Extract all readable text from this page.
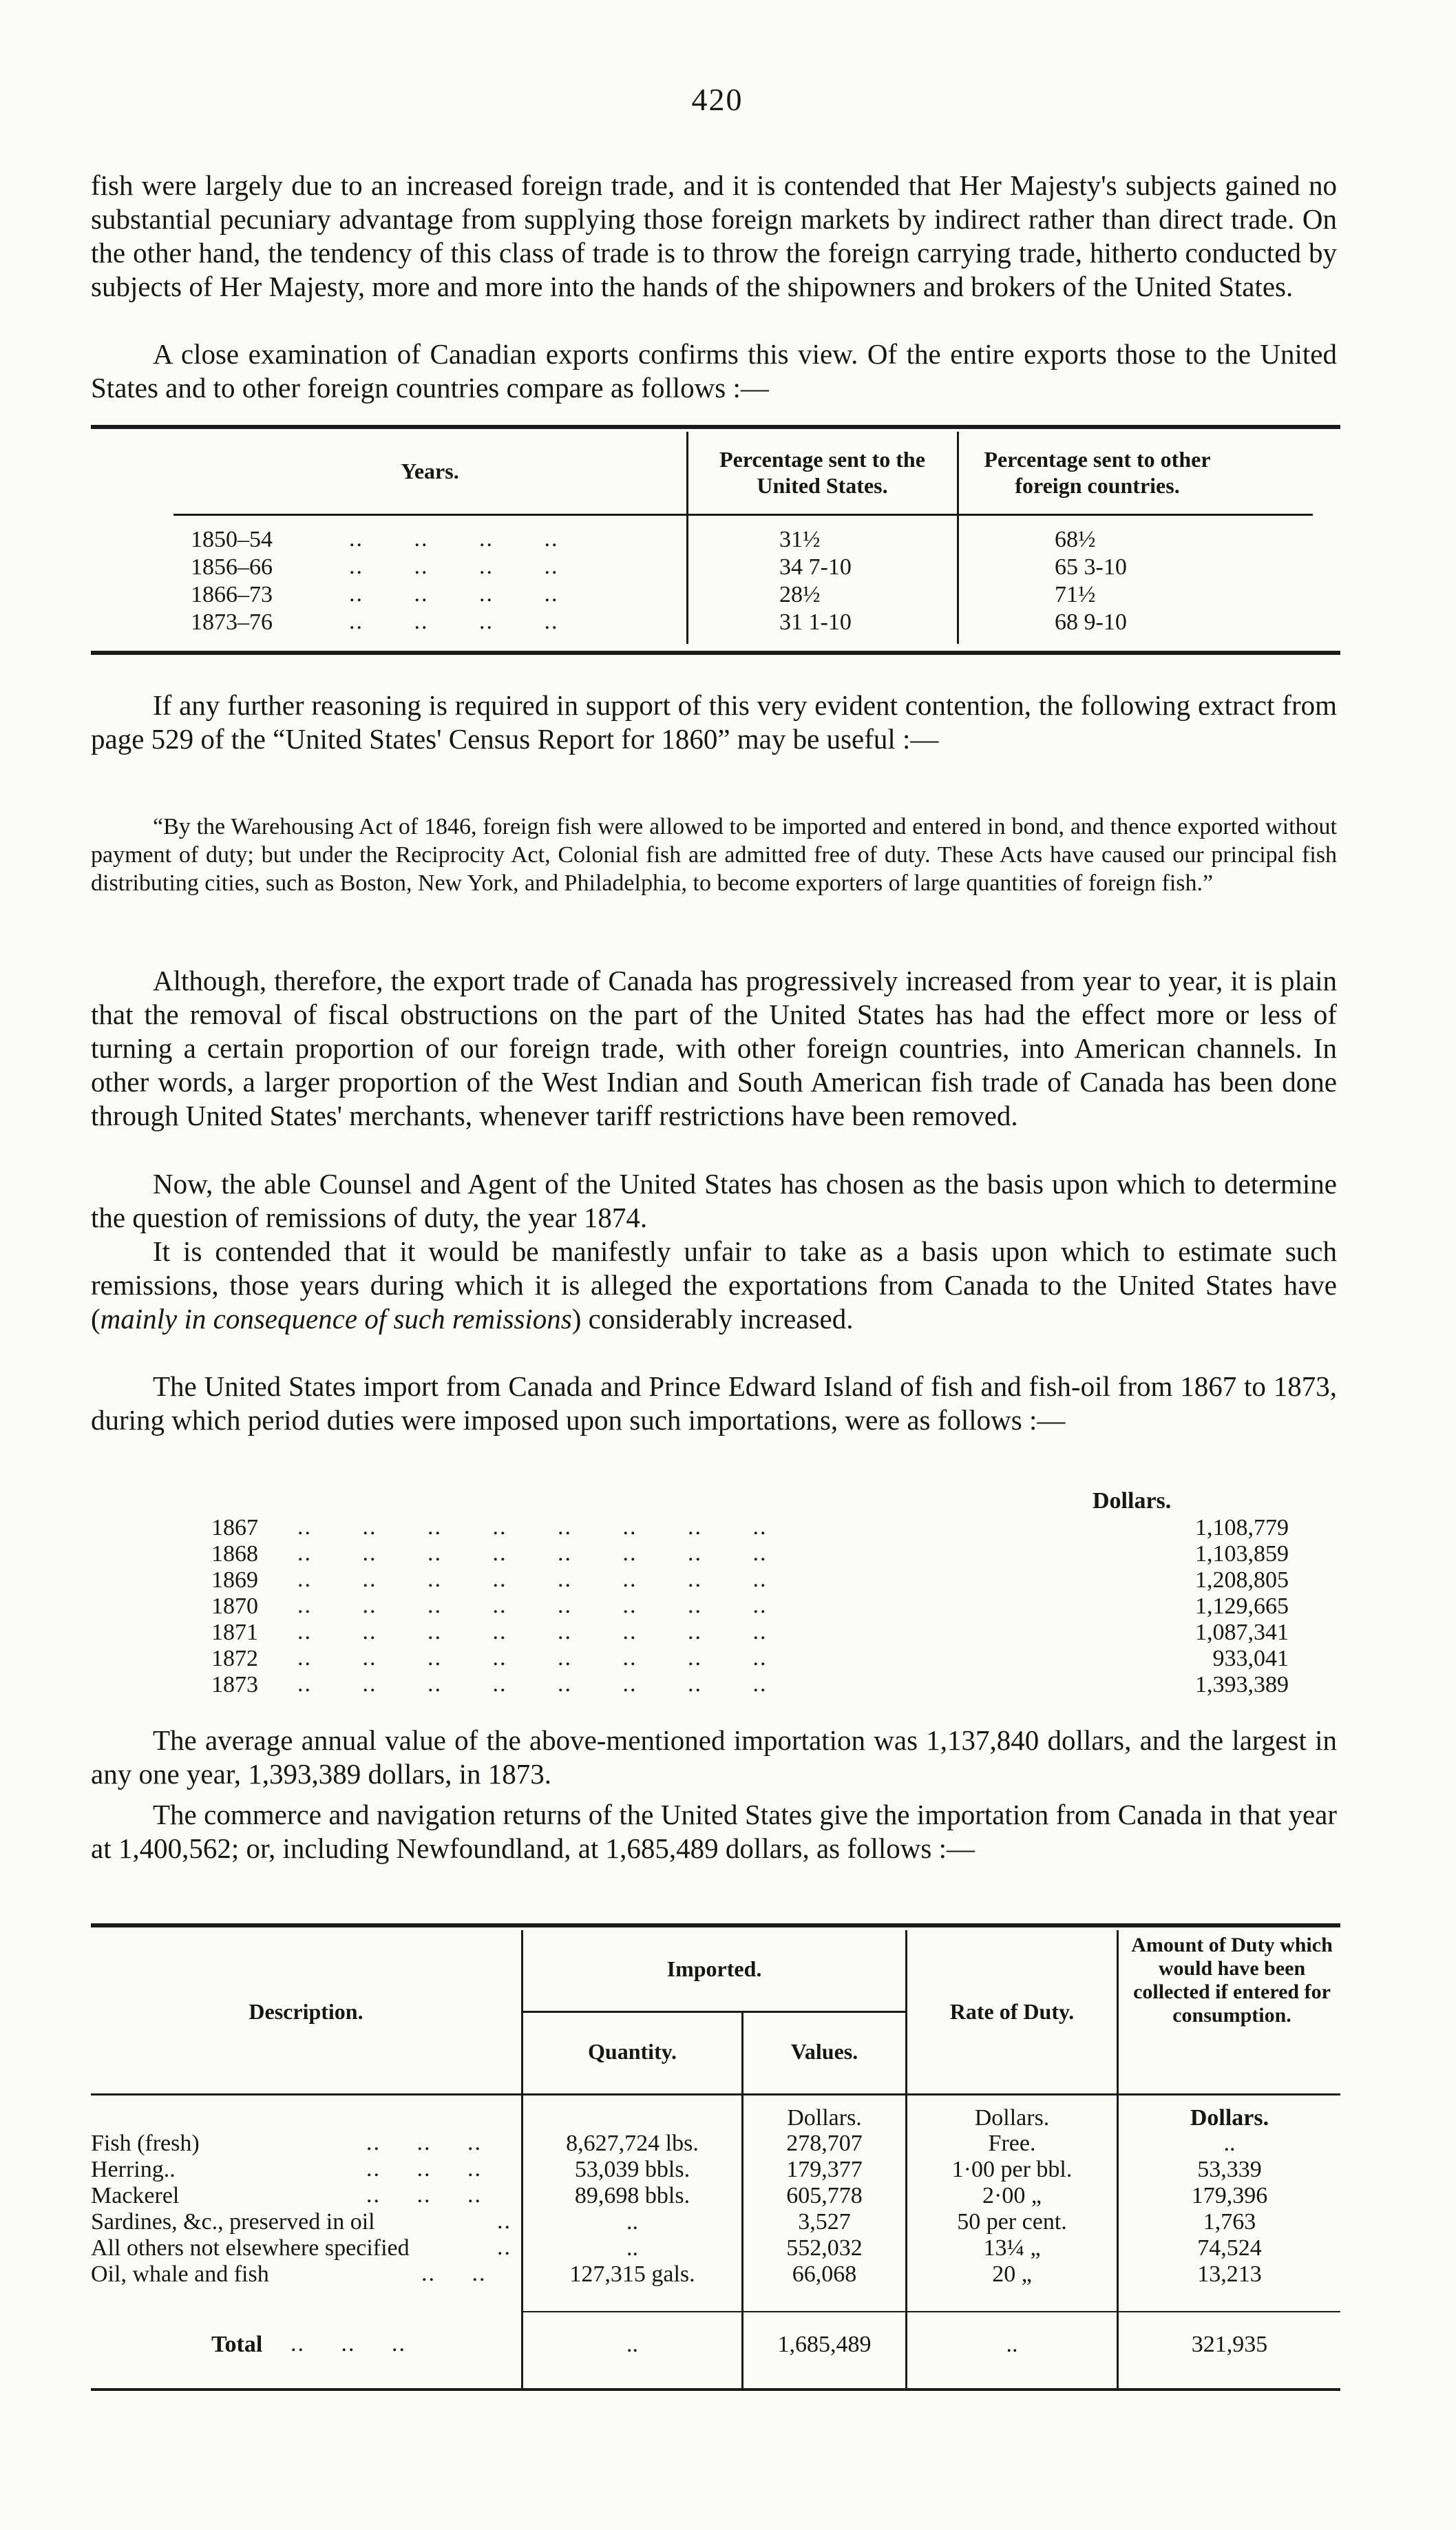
420

fish were largely due to an increased foreign trade, and it is contended that Her Majesty's subjects gained no substantial pecuniary advantage from supplying those foreign markets by indirect rather than direct trade. On the other hand, the tendency of this class of trade is to throw the foreign carrying trade, hitherto conducted by subjects of Her Majesty, more and more into the hands of the shipowners and brokers of the United States.

A close examination of Canadian exports confirms this view. Of the entire exports those to the United States and to other foreign countries compare as follows :—

Years.	Percentage sent to the United States.
Percentage sent to other foreign countries.
1850–54	..       ..       ..       ..	31½	68½
1856–66	..       ..       ..       ..	34 7-10	65 3-10
1866–73	..       ..       ..       ..	28½	71½
1873–76	..       ..       ..       ..	31 1-10	68 9-10

If any further reasoning is required in support of this very evident contention, the following extract from page 529 of the “United States' Census Report for 1860” may be useful :—

“By the Warehousing Act of 1846, foreign fish were allowed to be imported and entered in bond, and thence exported without payment of duty; but under the Reciprocity Act, Colonial fish are admitted free of duty. These Acts have caused our principal fish distributing cities, such as Boston, New York, and Philadelphia, to become exporters of large quantities of foreign fish.”

Although, therefore, the export trade of Canada has progressively increased from year to year, it is plain that the removal of fiscal obstructions on the part of the United States has had the effect more or less of turning a certain proportion of our foreign trade, with other foreign countries, into American channels. In other words, a larger proportion of the West Indian and South American fish trade of Canada has been done through United States' merchants, whenever tariff restrictions have been removed.

Now, the able Counsel and Agent of the United States has chosen as the basis upon which to determine the question of remissions of duty, the year 1874.

It is contended that it would be manifestly unfair to take as a basis upon which to estimate such remissions, those years during which it is alleged the exportations from Canada to the United States have (mainly in consequence of such remissions) considerably increased.

The United States import from Canada and Prince Edward Island of fish and fish-oil from 1867 to 1873, during which period duties were imposed upon such importations, were as follows :—

Dollars.
1867 ..       ..       ..       ..       ..       ..       ..       ..	1,108,779
1868 ..       ..       ..       ..       ..       ..       ..       ..	1,103,859
1869 ..       ..       ..       ..       ..       ..       ..       ..	1,208,805
1870 ..       ..       ..       ..       ..       ..       ..       ..	1,129,665
1871 ..       ..       ..       ..       ..       ..       ..       ..	1,087,341
1872 ..       ..       ..       ..       ..       ..       ..       ..	933,041
1873 ..       ..       ..       ..       ..       ..       ..       ..	1,393,389

The average annual value of the above-mentioned importation was 1,137,840 dollars, and the largest in any one year, 1,393,389 dollars, in 1873.

The commerce and navigation returns of the United States give the importation from Canada in that year at 1,400,562; or, including Newfoundland, at 1,685,489 dollars, as follows :—

Description.
Imported.
Quantity.	Values.
Rate of Duty.
Amount of Duty which would have been collected if entered for consumption.
Dollars.	Dollars.	Dollars.
Fish (fresh)	..     ..     ..	8,627,724 lbs.	278,707	Free.	..
Herring..	..     ..     ..	53,039 bbls.	179,377	1·00 per bbl.	53,339
Mackerel	..     ..     ..	89,698 bbls.	605,778	2·00 „	179,396
Sardines, &c., preserved in oil	..	..	3,527	50 per cent.	1,763
All others not elsewhere specified	..	..	552,032	13¼ „	74,524
Oil, whale and fish	..     ..	127,315 gals.	66,068	20 „	13,213
Total ..     ..     ..	..	1,685,489	..	321,935
